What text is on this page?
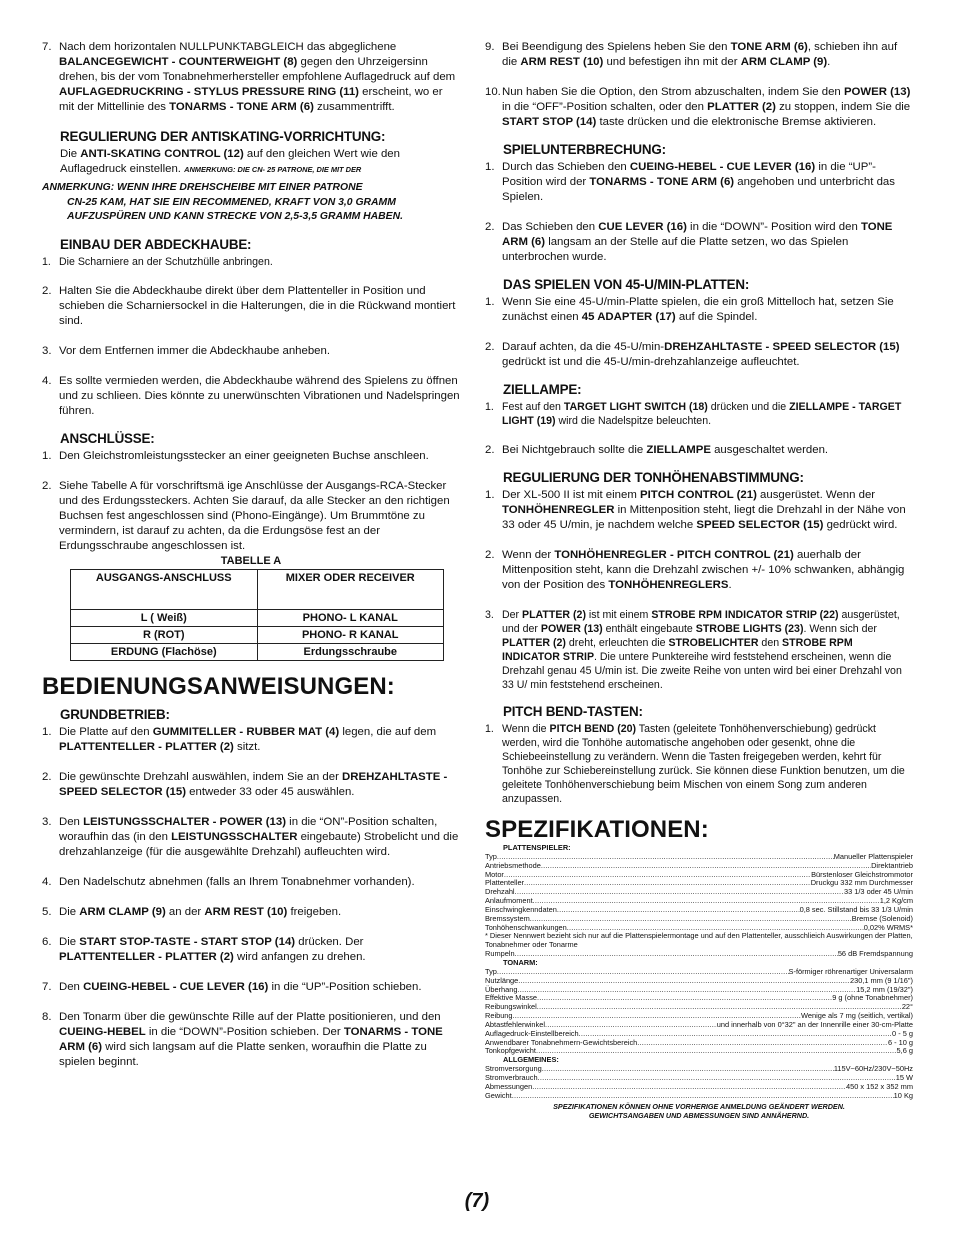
7. Nach dem horizontalen NULLPUNKTABGLEICH das abgeglichene BALANCEGEWICHT - COUNTERWEIGHT (8) gegen den Uhrzeigersinn drehen, bis der vom Tonabnehmerhersteller empfohlene Auflagedruck auf dem AUFLAGEDRUCKRING - STYLUS PRESSURE RING (11) erscheint, wo er mit der Mittellinie des TONARMS - TONE ARM (6) zusammentrifft.
REGULIERUNG DER ANTISKATING-VORRICHTUNG:
Die ANTI-SKATING CONTROL (12) auf den gleichen Wert wie den Auflagedruck einstellen. ANMERKUNG: DIE CN- 25 PATRONE, DIE MIT DER
ANMERKUNG: WENN IHRE DREHSCHEIBE MIT EINER PATRONE
CN-25 KAM, HAT SIE EIN RECOMMENED, KRAFT VON 3,0 GRAMM
AUFZUSPÜREN UND KANN STRECKE VON 2,5-3,5 GRAMM HABEN.
EINBAU DER ABDECKHAUBE:
1. Die Scharniere an der Schutzhülle anbringen.
2. Halten Sie die Abdeckhaube direkt über dem Plattenteller in Position und schieben die Scharniersockel in die Halterungen, die in die Rückwand montiert sind.
3. Vor dem Entfernen immer die Abdeckhaube anheben.
4. Es sollte vermieden werden, die Abdeckhaube während des Spielens zu öffnen und zu schlieen. Dies könnte zu unerwünschten Vibrationen und Nadelspringen führen.
ANSCHLÜSSE:
1. Den Gleichstromleistungsstecker an einer geeigneten Buchse anschleen.
2. Siehe Tabelle A für vorschriftsmä ige Anschlüsse der Ausgangs-RCA-Stecker und des Erdungssteckers. Achten Sie darauf, da alle Stecker an den richtigen Buchsen fest angeschlossen sind (Phono-Eingänge). Um Brummtöne zu vermindern, ist darauf zu achten, da die Erdungsöse fest an der Erdungsschraube angeschlossen ist.
TABELLE A
AUSGANGS-ANSCHLUSS	MIXER ODER RECEIVER
L ( Weiß)	PHONO- L KANAL
R (ROT)	PHONO- R KANAL
ERDUNG (Flachöse)	Erdungsschraube
BEDIENUNGSANWEISUNGEN:
GRUNDBETRIEB:
1. Die Platte auf den GUMMITELLER - RUBBER MAT (4) legen, die auf dem PLATTENTELLER - PLATTER (2) sitzt.
2. Die gewünschte Drehzahl auswählen, indem Sie an der DREHZAHLTASTE - SPEED SELECTOR (15) entweder 33 oder 45 auswählen.
3. Den LEISTUNGSSCHALTER - POWER (13) in die “ON”-Position schalten, woraufhin das (in den LEISTUNGSSCHALTER eingebaute) Strobelicht und die drehzahlanzeige (für die ausgewählte Drehzahl) aufleuchten wird.
4. Den Nadelschutz abnehmen (falls an Ihrem Tonabnehmer vorhanden).
5. Die ARM CLAMP (9) an der ARM REST (10) freigeben.
6. Die START STOP-TASTE - START STOP (14) drücken. Der PLATTENTELLER - PLATTER (2) wird anfangen zu drehen.
7. Den CUEING-HEBEL - CUE LEVER (16) in die “UP”-Position schieben.
8. Den Tonarm über die gewünschte Rille auf der Platte positionieren, und den CUEING-HEBEL in die “DOWN”-Position schieben. Der TONARMS - TONE ARM (6) wird sich langsam auf die Platte senken, woraufhin die Platte zu spielen beginnt.
9. Bei Beendigung des Spielens heben Sie den TONE ARM (6), schieben ihn auf die ARM REST (10) und befestigen ihn mit der ARM CLAMP (9).
10. Nun haben Sie die Option, den Strom abzuschalten, indem Sie den POWER (13) in die “OFF”-Position schalten, oder den PLATTER (2) zu stoppen, indem Sie die START STOP (14) taste drücken und die elektronische Bremse aktivieren.
SPIELUNTERBRECHUNG:
1. Durch das Schieben den CUEING-HEBEL - CUE LEVER (16) in die “UP”-Position wird der TONARMS - TONE ARM (6) angehoben und unterbricht das Spielen.
2. Das Schieben den CUE LEVER (16) in die “DOWN”- Position wird den TONE ARM (6) langsam an der Stelle auf die Platte setzen, wo das Spielen unterbrochen wurde.
DAS SPIELEN VON 45-U/MIN-PLATTEN:
1. Wenn Sie eine 45-U/min-Platte spielen, die ein groß Mittelloch hat, setzen Sie zunächst einen 45 ADAPTER (17) auf die Spindel.
2. Darauf achten, da die 45-U/min-DREHZAHLTASTE - SPEED SELECTOR (15) gedrückt ist und die 45-U/min-drehzahlanzeige aufleuchtet.
ZIELLAMPE:
1. Fest auf den TARGET LIGHT SWITCH (18) drücken und die ZIELLAMPE - TARGET LIGHT (19) wird die Nadelspitze beleuchten.
2. Bei Nichtgebrauch sollte die ZIELLAMPE ausgeschaltet werden.
REGULIERUNG DER TONHÖHENABSTIMMUNG:
1. Der XL-500 II ist mit einem PITCH CONTROL (21) ausgerüstet. Wenn der TONHÖHENREGLER in Mittenposition steht, liegt die Drehzahl in der Nähe von 33 oder 45 U/min, je nachdem welche SPEED SELECTOR (15) gedrückt wird.
2. Wenn der TONHÖHENREGLER - PITCH CONTROL (21) auerhalb der Mittenposition steht, kann die Drehzahl zwischen +/- 10% schwanken, abhängig von der Position des TONHÖHENREGLERS.
3. Der PLATTER (2) ist mit einem STROBE RPM INDICATOR STRIP (22) ausgerüstet, und der POWER (13) enthält eingebaute STROBE LIGHTS (23). Wenn sich der PLATTER (2) dreht, erleuchten die STROBELICHTER den STROBE RPM INDICATOR STRIP. Die untere Punktereihe wird feststehend erscheinen, wenn die Drehzahl genau 45 U/min ist. Die zweite Reihe von unten wird bei einer Drehzahl von 33 U/ min feststehend erscheinen.
PITCH BEND-TASTEN:
1. Wenn die PITCH BEND (20) Tasten (geleitete Tonhöhenverschiebung) gedrückt werden, wird die Tonhöhe automatische angehoben oder gesenkt, ohne die Schiebeeinstellung zu verändern. Wenn die Tasten freigegeben werden, kehrt für Tonhöhe zur Schiebereinstellung zurück. Sie können diese Funktion benutzen, um die geleitete Tonhöhenverschiebung beim Mischen von einem Song zum anderen anzupassen.
SPEZIFIKATIONEN:
PLATTENSPIELER:
Typ .....	Manueller Plattenspieler
Antriebsmethode .....	Direktantrieb
Motor .....	Bürstenloser Gleichstrommotor
Plattenteller .....	Druckgu 332 mm Durchmesser
Drehzahl .....	33 1/3 oder 45 U/min
Anlaufmoment .....	1,2 Kg/cm
Einschwingkenndaten .....	0,8 sec. Stillstand bis 33 1/3 U/min
Bremssystem .....	Bremse (Solenoid)
Tonhöhenschwankungen .....	0,02% WRMS*
* Dieser Nennwert bezieht sich nur auf die Plattenspielermontage und auf den Plattenteller, ausschlieich Auswirkungen der Platten, Tonabnehmer oder Tonarme
Rumpeln .....	56 dB Fremdspannung
TONARM:
Typ .....	S-förmiger röhrenartiger Universalarm
Nutzlänge .....	230,1 mm (9 1/16")
Überhang .....	15,2 mm (19/32")
Effektive Masse .....	9 g (ohne Tonabnehmer)
Reibungswinkel .....	22°
Reibung .....	Wenige als 7 mg (seitlich, vertikal)
Abtastfehlerwinkel .....	und innerhalb von 0°32" an der Innenrille einer 30-cm-Platte
Auflagedruck-Einstellbereich .....	0 - 5 g
Anwendbarer Tonabnehmern-Gewichtsbereich .....	6 - 10 g
Tonkopfgewicht .....	5,6 g
ALLGEMEINES:
Stromversorgung .....	115V~60Hz/230V~50Hz
Stromverbrauch .....	15 W
Abmessungen .....	450 x 152 x 352 mm
Gewicht .....	10 Kg
SPEZIFIKATIONEN KÖNNEN OHNE VORHERIGE ANMELDUNG GEÄNDERT WERDEN.
GEWICHTSANGABEN UND ABMESSUNGEN SIND ANNÄHERND.
(7)
